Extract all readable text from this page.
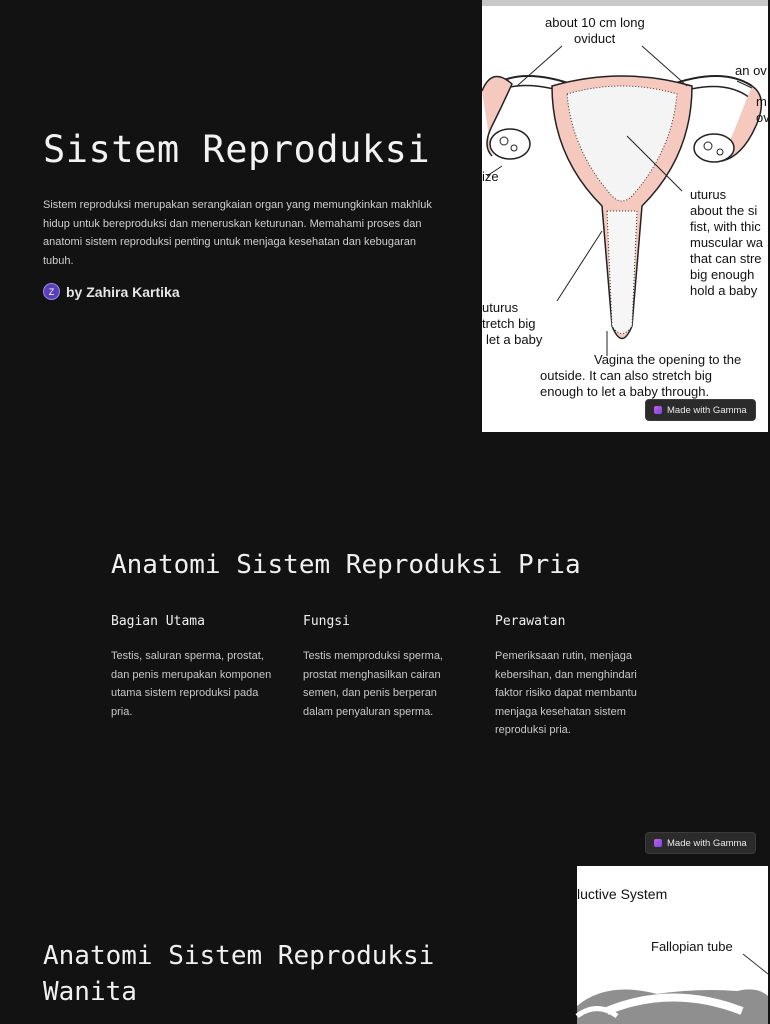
Sistem Reproduksi

Sistem reproduksi merupakan serangkaian organ yang memungkinkan makhluk hidup untuk bereproduksi dan meneruskan keturunan. Memahami proses dan anatomi sistem reproduksi penting untuk menjaga kesehatan dan kebugaran tubuh.

Z by Zahira Kartika
about 10 cm long
oviduct
an ov
m
ov
ize
uturus
about the si
fist, with thic
muscular wa
that can stre
big enough
hold a baby
uturus
tretch big
let a baby
Vagina the opening to the
outside. It can also stretch big
enough to let a baby through.
Made with Gamma
Anatomi Sistem Reproduksi Pria
Bagian Utama

Testis, saluran sperma, prostat, dan penis merupakan komponen utama sistem reproduksi pada pria.

Fungsi

Testis memproduksi sperma, prostat menghasilkan cairan semen, dan penis berperan dalam penyaluran sperma.

Perawatan

Pemeriksaan rutin, menjaga kebersihan, dan menghindari faktor risiko dapat membantu menjaga kesehatan sistem reproduksi pria.

Made with Gamma
Anatomi Sistem Reproduksi Wanita
luctive System
Fallopian tube
